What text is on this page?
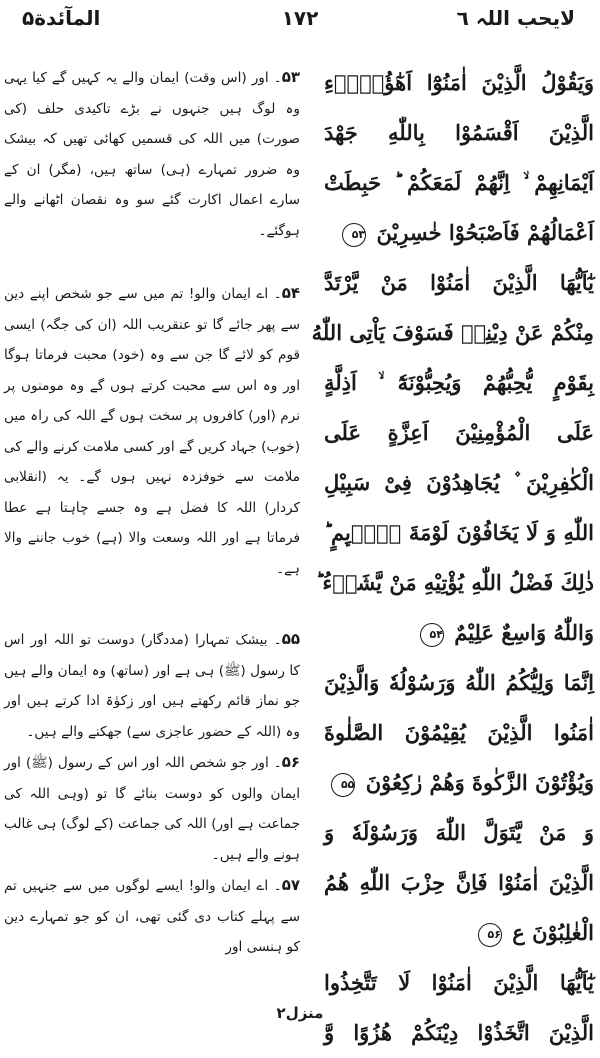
المآئدة۵	۱۷۲	لایحب اللہ ٦

۵۳۔ اور (اس وقت) ایمان والے یہ کہیں گے کیا یہی وہ لوگ ہیں جنہوں نے بڑے تاکیدی حلف (کی صورت) میں اللہ کی قسمیں کھائی تھیں کہ بیشک وہ ضرور تمہارے (ہی) ساتھ ہیں، (مگر) ان کے سارے اعمال اکارت گئے سو وہ نقصان اٹھانے والے ہوگئے۔

۵۴۔ اے ایمان والو! تم میں سے جو شخص اپنے دین سے پھر جائے گا تو عنقریب اللہ (ان کی جگہ) ایسی قوم کو لائے گا جن سے وہ (خود) محبت فرماتا ہوگا اور وہ اس سے محبت کرتے ہوں گے وہ مومنوں پر نرم (اور) کافروں پر سخت ہوں گے اللہ کی راہ میں (خوب) جہاد کریں گے اور کسی ملامت کرنے والے کی ملامت سے خوفزدہ نہیں ہوں گے۔ یہ (انقلابی کردار) اللہ کا فضل ہے وہ جسے چاہتا ہے عطا فرماتا ہے اور اللہ وسعت والا (ہے) خوب جاننے والا ہے۔

۵۵۔ بیشک تمہارا (مددگار) دوست تو اللہ اور اس کا رسول (ﷺ) ہی ہے اور (ساتھ) وہ ایمان والے ہیں جو نماز قائم رکھتے ہیں اور زکوٰۃ ادا کرتے ہیں اور وہ (اللہ کے حضور عاجزی سے) جھکنے والے ہیں۔

۵۶۔ اور جو شخص اللہ اور اس کے رسول (ﷺ) اور ایمان والوں کو دوست بنائے گا تو (وہی اللہ کی جماعت ہے اور) اللہ کی جماعت (کے لوگ) ہی غالب ہونے والے ہیں۔

۵۷۔ اے ایمان والو! ایسے لوگوں میں سے جنہیں تم سے پہلے کتاب دی گئی تھی، ان کو جو تمہارے دین کو ہنسی اور

وَيَقُوْلُ الَّذِيْنَ اٰمَنُوْٓا اَهٰٓؤُلَاۤءِ
الَّذِيْنَ اَقْسَمُوْا بِاللّٰهِ جَهْدَ
اَيْمَانِهِمْ ۙ اِنَّهُمْ لَمَعَكُمْ ؕ حَبِطَتْ
اَعْمَالُهُمْ فَاَصْبَحُوْا خٰسِرِيْنَ ۵۳
يٰٓاَيُّهَا الَّذِيْنَ اٰمَنُوْا مَنْ يَّرْتَدَّ
مِنْكُمْ عَنْ دِيْنِهٖ فَسَوْفَ يَاْتِى اللّٰهُ
بِقَوْمٍ يُّحِبُّهُمْ وَيُحِبُّوْنَهٗٓ ۙ اَذِلَّةٍ
عَلَى الْمُؤْمِنِيْنَ اَعِزَّةٍ عَلَى
الْكٰفِرِيْنَ ۫ يُجَاهِدُوْنَ فِىْ سَبِيْلِ
اللّٰهِ وَ لَا يَخَافُوْنَ لَوْمَةَ لَاۤىِٕمٍ ؕ
ذٰلِكَ فَضْلُ اللّٰهِ يُؤْتِيْهِ مَنْ يَّشَاۤءُ ؕ
وَاللّٰهُ وَاسِعٌ عَلِيْمٌ ۵۴
اِنَّمَا وَلِيُّكُمُ اللّٰهُ وَرَسُوْلُهٗ وَالَّذِيْنَ
اٰمَنُوا الَّذِيْنَ يُقِيْمُوْنَ الصَّلٰوةَ
وَيُؤْتُوْنَ الزَّكٰوةَ وَهُمْ رٰكِعُوْنَ ۵۵
وَ مَنْ يَّتَوَلَّ اللّٰهَ وَرَسُوْلَهٗ وَ
الَّذِيْنَ اٰمَنُوْا فَاِنَّ حِزْبَ اللّٰهِ هُمُ
الْغٰلِبُوْنَ ع ۵۶
يٰٓاَيُّهَا الَّذِيْنَ اٰمَنُوْا لَا تَتَّخِذُوا
الَّذِيْنَ اتَّخَذُوْا دِيْنَكُمْ هُزُوًا وَّ
منزل۲
